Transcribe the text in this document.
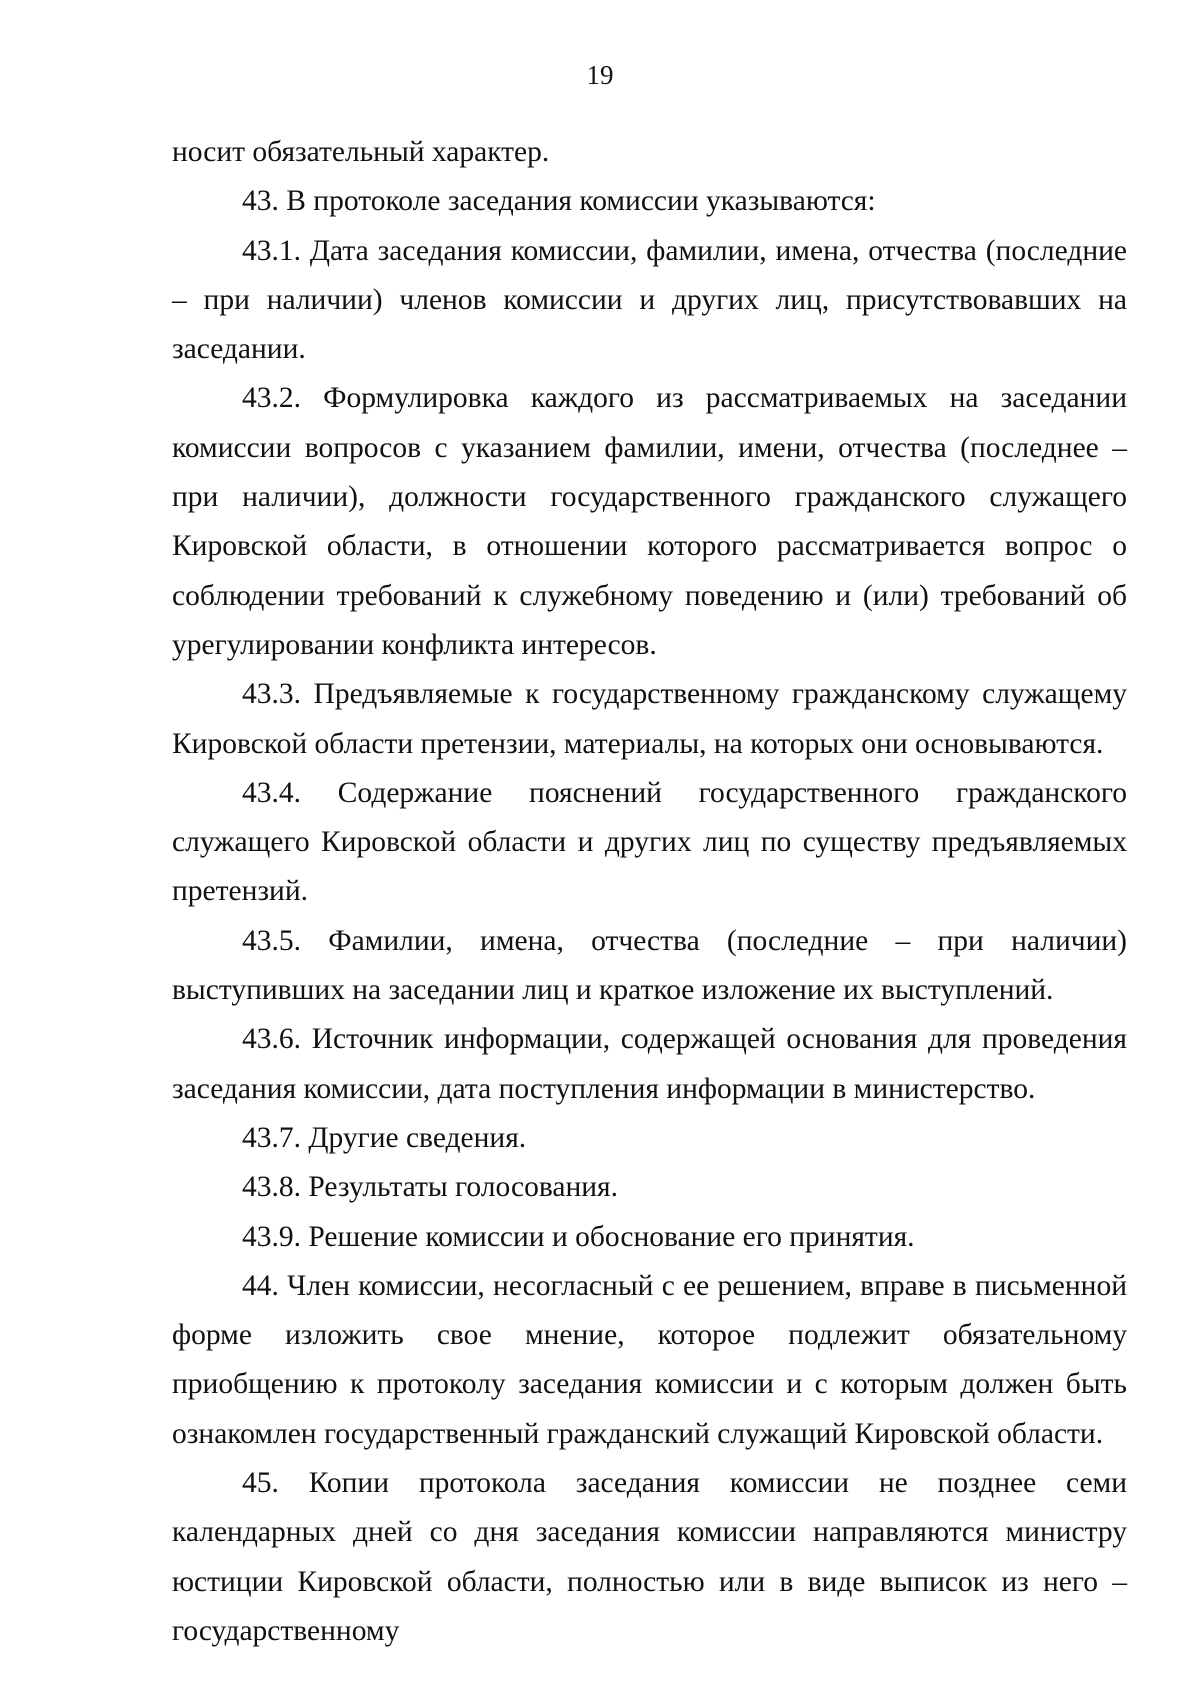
19

носит обязательный характер.

43. В протоколе заседания комиссии указываются:

43.1. Дата заседания комиссии, фамилии, имена, отчества (последние – при наличии) членов комиссии и других лиц, присутствовавших на заседании.

43.2. Формулировка каждого из рассматриваемых на заседании комиссии вопросов с указанием фамилии, имени, отчества (последнее – при наличии), должности государственного гражданского служащего Кировской области, в отношении которого рассматривается вопрос о соблюдении требований к служебному поведению и (или) требований об урегулировании конфликта интересов.

43.3. Предъявляемые к государственному гражданскому служащему Кировской области претензии, материалы, на которых они основываются.

43.4. Содержание пояснений государственного гражданского служащего Кировской области и других лиц по существу предъявляемых претензий.

43.5. Фамилии, имена, отчества (последние – при наличии) выступивших на заседании лиц и краткое изложение их выступлений.

43.6. Источник информации, содержащей основания для проведения заседания комиссии, дата поступления информации в министерство.

43.7. Другие сведения.

43.8. Результаты голосования.

43.9. Решение комиссии и обоснование его принятия.

44. Член комиссии, несогласный с ее решением, вправе в письменной форме изложить свое мнение, которое подлежит обязательному приобщению к протоколу заседания комиссии и с которым должен быть ознакомлен государственный гражданский служащий Кировской области.

45. Копии протокола заседания комиссии не позднее семи календарных дней со дня заседания комиссии направляются министру юстиции Кировской области, полностью или в виде выписок из него – государственному
